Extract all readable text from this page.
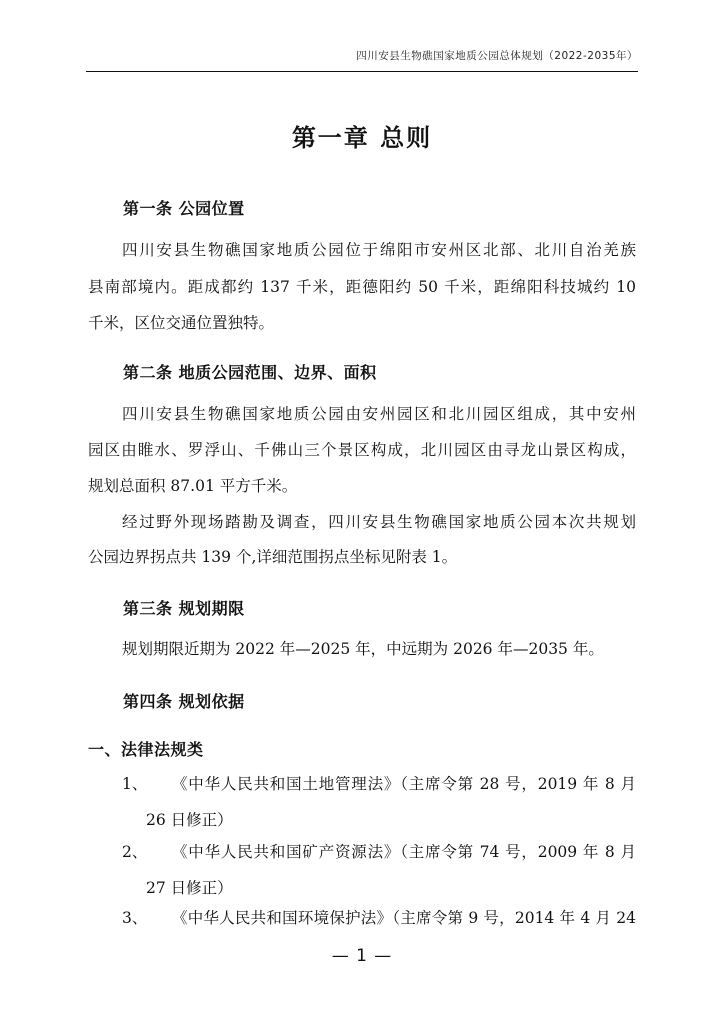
四川安县生物礁国家地质公园总体规划（2022-2035年）
第一章 总则
第一条 公园位置
四川安县生物礁国家地质公园位于绵阳市安州区北部、北川自治羌族
县南部境内。距成都约 137 千米，距德阳约 50 千米，距绵阳科技城约 10
千米，区位交通位置独特。
第二条 地质公园范围、边界、面积
四川安县生物礁国家地质公园由安州园区和北川园区组成，其中安州
园区由睢水、罗浮山、千佛山三个景区构成，北川园区由寻龙山景区构成，
规划总面积 87.01 平方千米。
经过野外现场踏勘及调查，四川安县生物礁国家地质公园本次共规划
公园边界拐点共 139 个,详细范围拐点坐标见附表 1。
第三条 规划期限
规划期限近期为 2022 年—2025 年，中远期为 2026 年—2035 年。
第四条 规划依据
一、法律法规类
1、 《中华人民共和国土地管理法》（主席令第 28 号，2019 年 8 月
26 日修正）
2、 《中华人民共和国矿产资源法》（主席令第 74 号，2009 年 8 月
27 日修正）
3、 《中华人民共和国环境保护法》（主席令第 9 号，2014 年 4 月 24
— 1 —
